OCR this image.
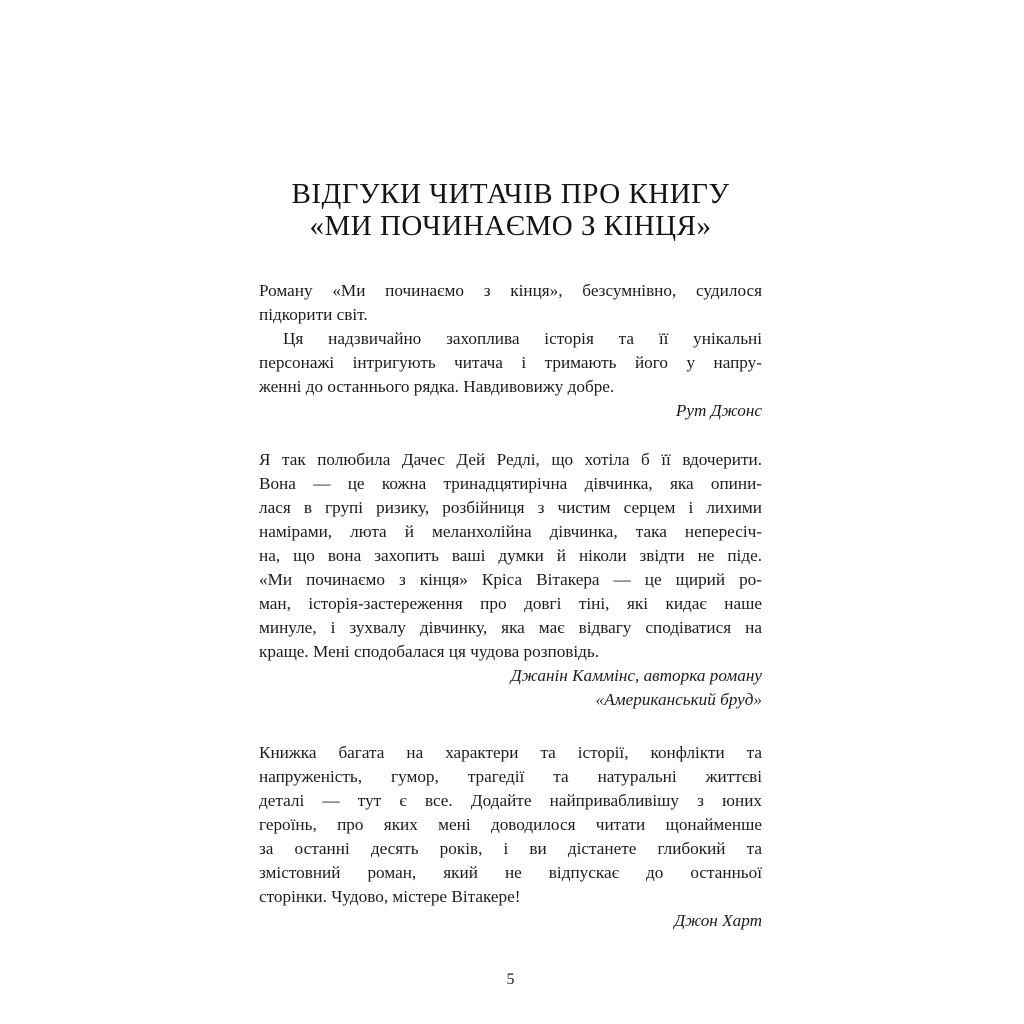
ВІДГУКИ ЧИТАЧІВ ПРО КНИГУ
«МИ ПОЧИНАЄМО З КІНЦЯ»
Роману «Ми починаємо з кінця», безсумнівно, судилося
підкорити світ.
Ця надзвичайно захоплива історія та її унікальні
персонажі інтригують читача і тримають його у напру-
женні до останнього рядка. Навдивовижу добре.
Рут Джонс
Я так полюбила Дачес Дей Редлі, що хотіла б її вдочерити.
Вона — це кожна тринадцятирічна дівчинка, яка опини-
лася в групі ризику, розбійниця з чистим серцем і лихими
намірами, люта й меланхолійна дівчинка, така непересіч-
на, що вона захопить ваші думки й ніколи звідти не піде.
«Ми починаємо з кінця» Кріса Вітакера — це щирий ро-
ман, історія-застереження про довгі тіні, які кидає наше
минуле, і зухвалу дівчинку, яка має відвагу сподіватися на
краще. Мені сподобалася ця чудова розповідь.
Джанін Каммінс, авторка роману
«Американський бруд»
Книжка багата на характери та історії, конфлікти та
напруженість, гумор, трагедії та натуральні життєві
деталі — тут є все. Додайте найпривабливішу з юних
героїнь, про яких мені доводилося читати щонайменше
за останні десять років, і ви дістанете глибокий та
змістовний роман, який не відпускає до останньої
сторінки. Чудово, містере Вітакере!
Джон Харт
5
